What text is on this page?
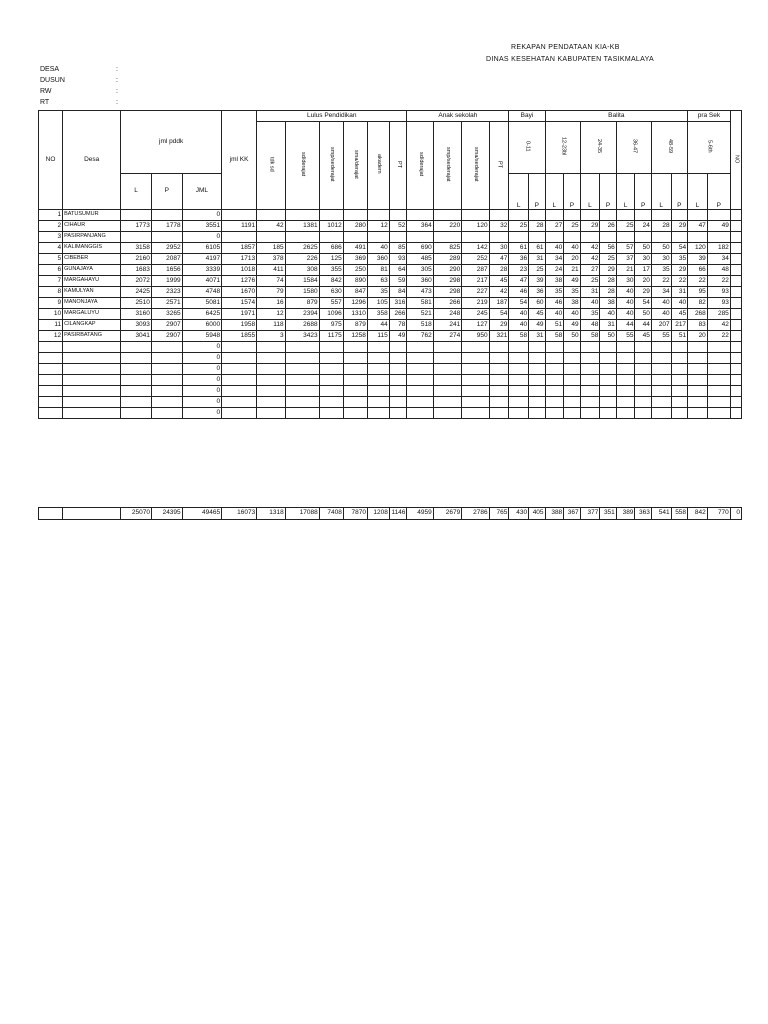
REKAPAN PENDATAAN KIA-KB
DINAS KESEHATAN KABUPATEN TASIKMALAYA
DESA	:
DUSUN	:
RW	:
RT	:
NO	Desa	jml pddk			jml KK	Lulus Pendidikan						Anak sekolah				Bayi		Balita								pra Sek		NO
						tdk sd	sd/derajat	smp/sederajat	sma/derajat	akadem	PT	sd/derajat	smp/sederajat	sma/sederajat	PT	0-11		12-23bl		24-35		36-47		48-59		5-6th		
		L	P	JML												L	P	L	P	L	P	L	P	L	P	L	P	
1	BATUSUMUR			0																								
2	CIHAUR	1773	1778	3551	1191	42	1381	1012	280	12	52	364	220	120	32	25	28	27	25	29	26	25	24	28	29	47	49	
3	PASIRPANJANG			0																								
4	KALIMANGGIS	3158	2952	6105	1857	185	2625	686	491	40	85	690	825	142	30	61	61	40	40	42	56	57	50	50	54	120	182	
5	CIBEBER	2160	2087	4197	1713	378	226	125	369	360	93	485	289	252	47	36	31	34	20	42	25	37	30	30	35	39	34	
6	GUNAJAYA	1683	1656	3339	1018	411	308	355	250	81	64	305	290	287	28	23	25	24	21	27	29	21	17	35	29	66	48	
7	MARGAHAYU	2072	1999	4071	1276	74	1584	842	890	63	59	360	298	217	45	47	39	38	49	25	28	30	20	22	22	22	22	
8	KAMULYAN	2425	2323	4748	1670	79	1580	630	847	35	84	473	298	227	42	46	36	35	35	31	28	40	29	34	31	95	93	
9	MANONJAYA	2510	2571	5081	1574	16	879	557	1296	105	316	581	266	219	187	54	60	46	38	40	38	40	54	40	40	82	93	
10	MARGALUYU	3160	3265	6425	1971	12	2394	1096	1310	358	266	521	248	245	54	40	45	40	40	35	40	40	50	40	45	268	285	
11	CILANGKAP	3093	2907	6000	1958	118	2688	975	879	44	78	518	241	127	29	40	49	51	49	48	31	44	44	207	217	83	42	
12	PASIRBATANG	3041	2907	5948	1855	3	3423	1175	1258	115	49	762	274	950	321	58	31	58	50	58	50	55	45	55	51	20	22	
				0																								
				0																								
				0																								
				0																								
				0																								
				0																								
				0																								
		25070	24395	49465	16073	1318	17088	7408	7870	1208	1146	4959	2679	2786	765	430	405	388	367	377	351	389	363	541	558	842	770	0
